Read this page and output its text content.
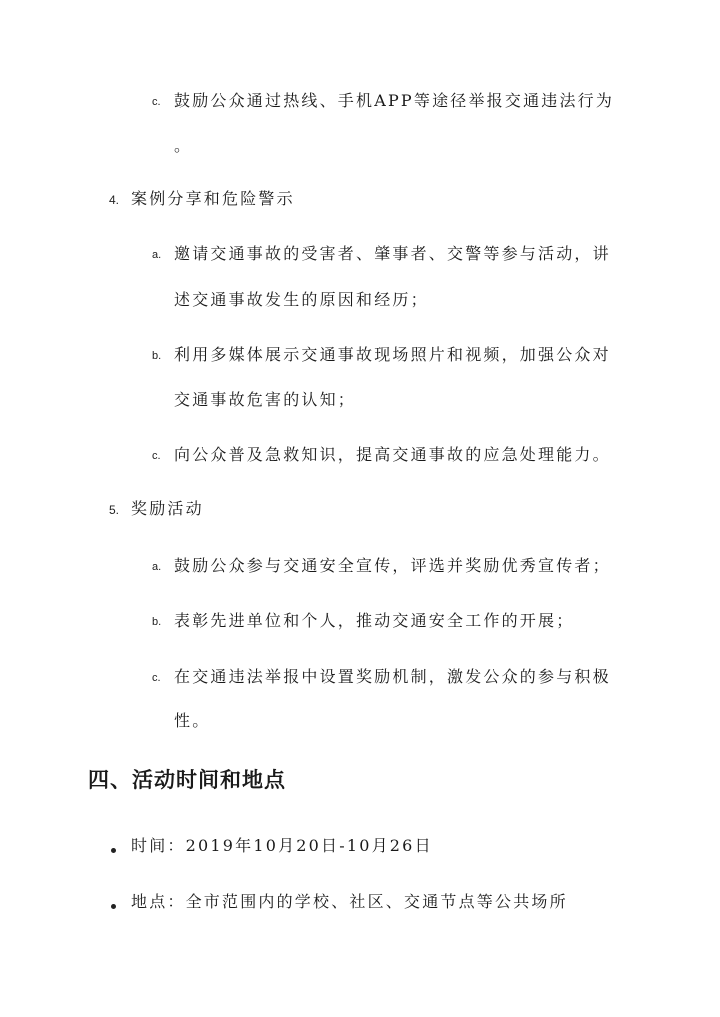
c. 鼓励公众通过热线、手机APP等途径举报交通违法行为
。
4. 案例分享和危险警示
a. 邀请交通事故的受害者、肇事者、交警等参与活动，讲
述交通事故发生的原因和经历；
b. 利用多媒体展示交通事故现场照片和视频，加强公众对
交通事故危害的认知；
c. 向公众普及急救知识，提高交通事故的应急处理能力。
5. 奖励活动
a. 鼓励公众参与交通安全宣传，评选并奖励优秀宣传者；
b. 表彰先进单位和个人，推动交通安全工作的开展；
c. 在交通违法举报中设置奖励机制，激发公众的参与积极
性。
四、活动时间和地点
时间：2019年10月20日-10月26日
地点：全市范围内的学校、社区、交通节点等公共场所
